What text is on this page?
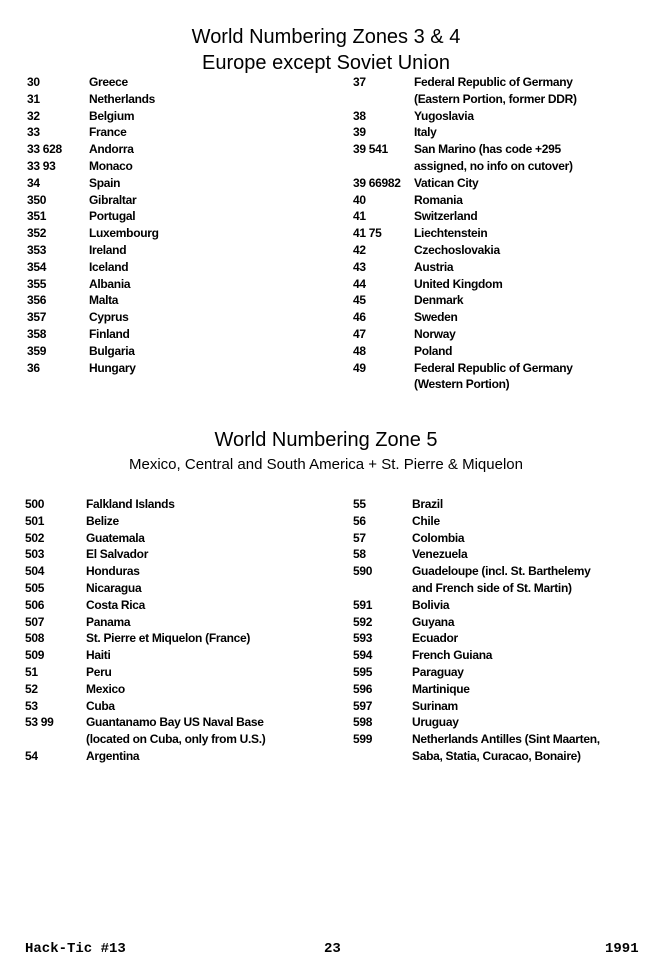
World Numbering Zones 3 & 4
Europe except Soviet Union
30	Greece
31	Netherlands
32	Belgium
33	France
33 628	Andorra
33 93	Monaco
34	Spain
350	Gibraltar
351	Portugal
352	Luxembourg
353	Ireland
354	Iceland
355	Albania
356	Malta
357	Cyprus
358	Finland
359	Bulgaria
36	Hungary
37	Federal Republic of Germany
(Eastern Portion, former DDR)
38	Yugoslavia
39	Italy
39 541	San Marino (has code +295
assigned, no info on cutover)
39 66982	Vatican City
40	Romania
41	Switzerland
41 75	Liechtenstein
42	Czechoslovakia
43	Austria
44	United Kingdom
45	Denmark
46	Sweden
47	Norway
48	Poland
49	Federal Republic of Germany
(Western Portion)
World Numbering Zone 5
Mexico, Central and South America + St. Pierre & Miquelon
500	Falkland Islands
501	Belize
502	Guatemala
503	El Salvador
504	Honduras
505	Nicaragua
506	Costa Rica
507	Panama
508	St. Pierre et Miquelon (France)
509	Haiti
51	Peru
52	Mexico
53	Cuba
53 99	Guantanamo Bay US Naval Base
(located on Cuba, only from U.S.)
54	Argentina
55	Brazil
56	Chile
57	Colombia
58	Venezuela
590	Guadeloupe (incl. St. Barthelemy
and French side of St. Martin)
591	Bolivia
592	Guyana
593	Ecuador
594	French Guiana
595	Paraguay
596	Martinique
597	Surinam
598	Uruguay
599	Netherlands Antilles (Sint Maarten,
Saba, Statia, Curacao, Bonaire)
Hack-Tic #13	23	1991
